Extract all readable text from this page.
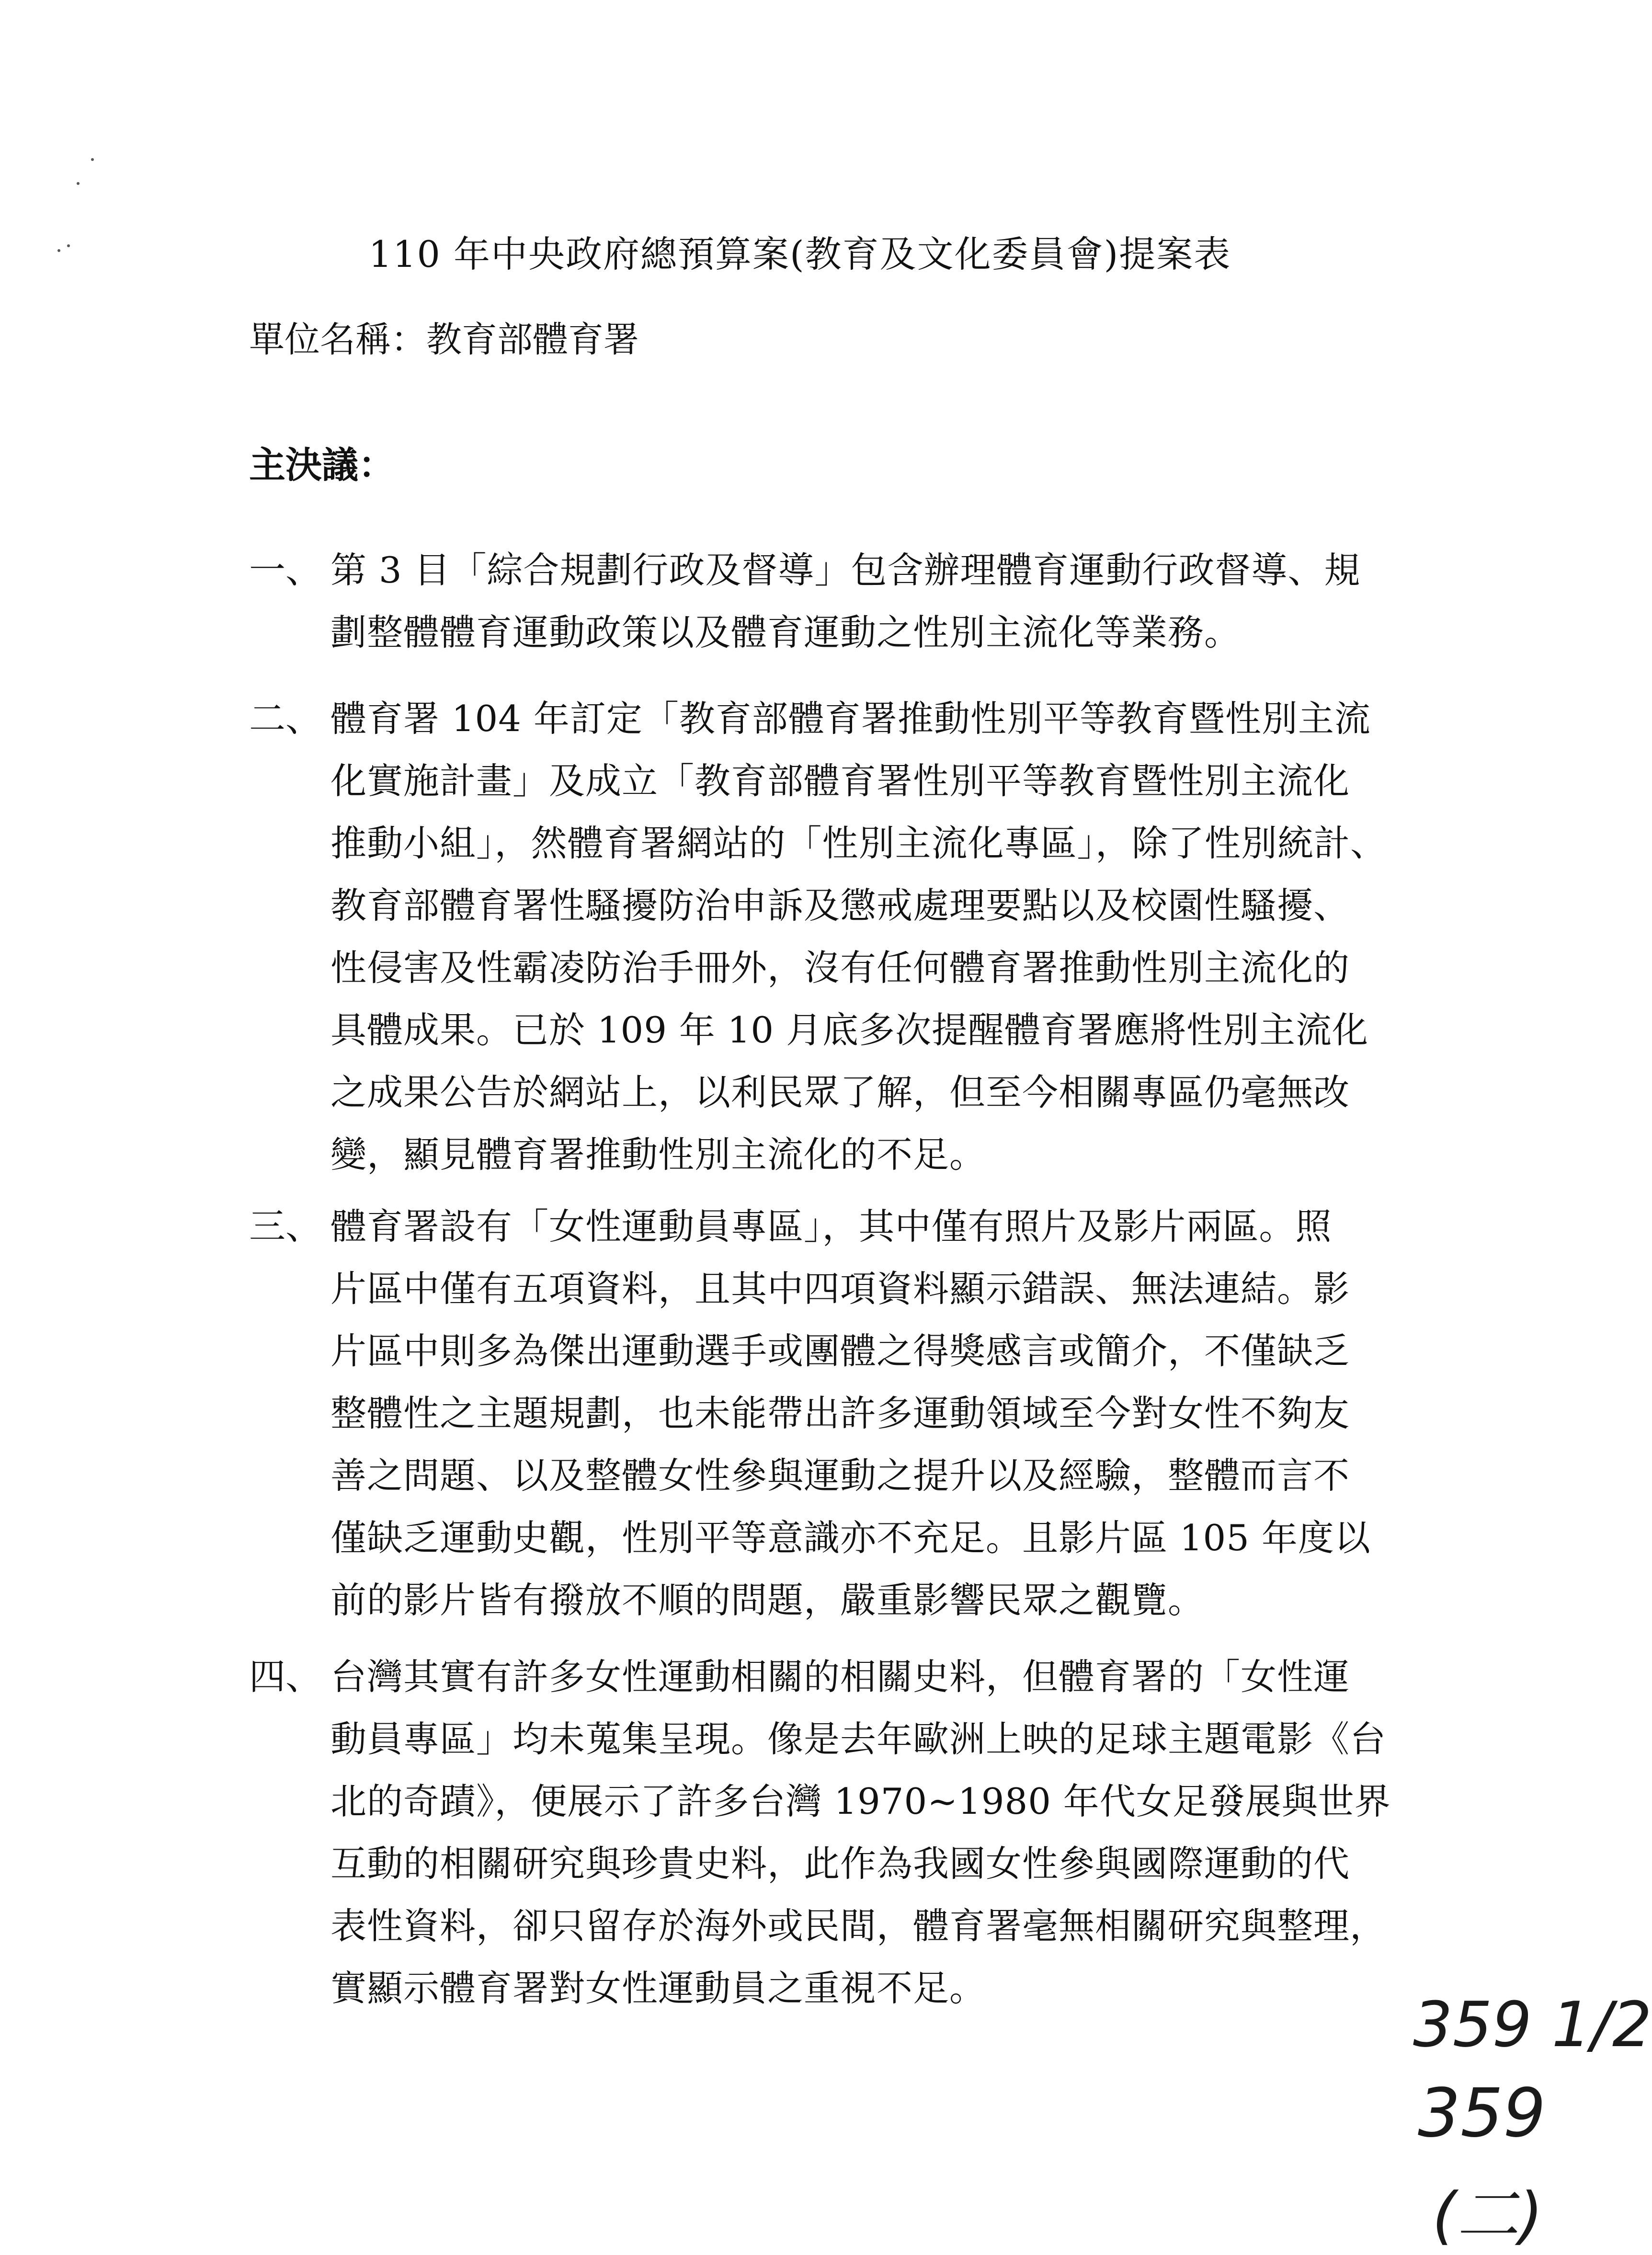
110 年中央政府總預算案(教育及文化委員會)提案表
單位名稱：教育部體育署
主決議：
一、 第 3 目「綜合規劃行政及督導」包含辦理體育運動行政督導、規
劃整體體育運動政策以及體育運動之性別主流化等業務。
二、 體育署 104 年訂定「教育部體育署推動性別平等教育暨性別主流
化實施計畫」及成立「教育部體育署性別平等教育暨性別主流化
推動小組」，然體育署網站的「性別主流化專區」，除了性別統計、
教育部體育署性騷擾防治申訴及懲戒處理要點以及校園性騷擾、
性侵害及性霸凌防治手冊外，沒有任何體育署推動性別主流化的
具體成果。已於 109 年 10 月底多次提醒體育署應將性別主流化
之成果公告於網站上，以利民眾了解，但至今相關專區仍毫無改
變，顯見體育署推動性別主流化的不足。
三、 體育署設有「女性運動員專區」，其中僅有照片及影片兩區。照
片區中僅有五項資料，且其中四項資料顯示錯誤、無法連結。影
片區中則多為傑出運動選手或團體之得獎感言或簡介，不僅缺乏
整體性之主題規劃，也未能帶出許多運動領域至今對女性不夠友
善之問題、以及整體女性參與運動之提升以及經驗，整體而言不
僅缺乏運動史觀，性別平等意識亦不充足。且影片區 105 年度以
前的影片皆有撥放不順的問題，嚴重影響民眾之觀覽。
四、 台灣其實有許多女性運動相關的相關史料，但體育署的「女性運
動員專區」均未蒐集呈現。像是去年歐洲上映的足球主題電影《台
北的奇蹟》，便展示了許多台灣 1970~1980 年代女足發展與世界
互動的相關研究與珍貴史料，此作為我國女性參與國際運動的代
表性資料，卻只留存於海外或民間，體育署毫無相關研究與整理，
實顯示體育署對女性運動員之重視不足。	359 1/2
359
(二)
